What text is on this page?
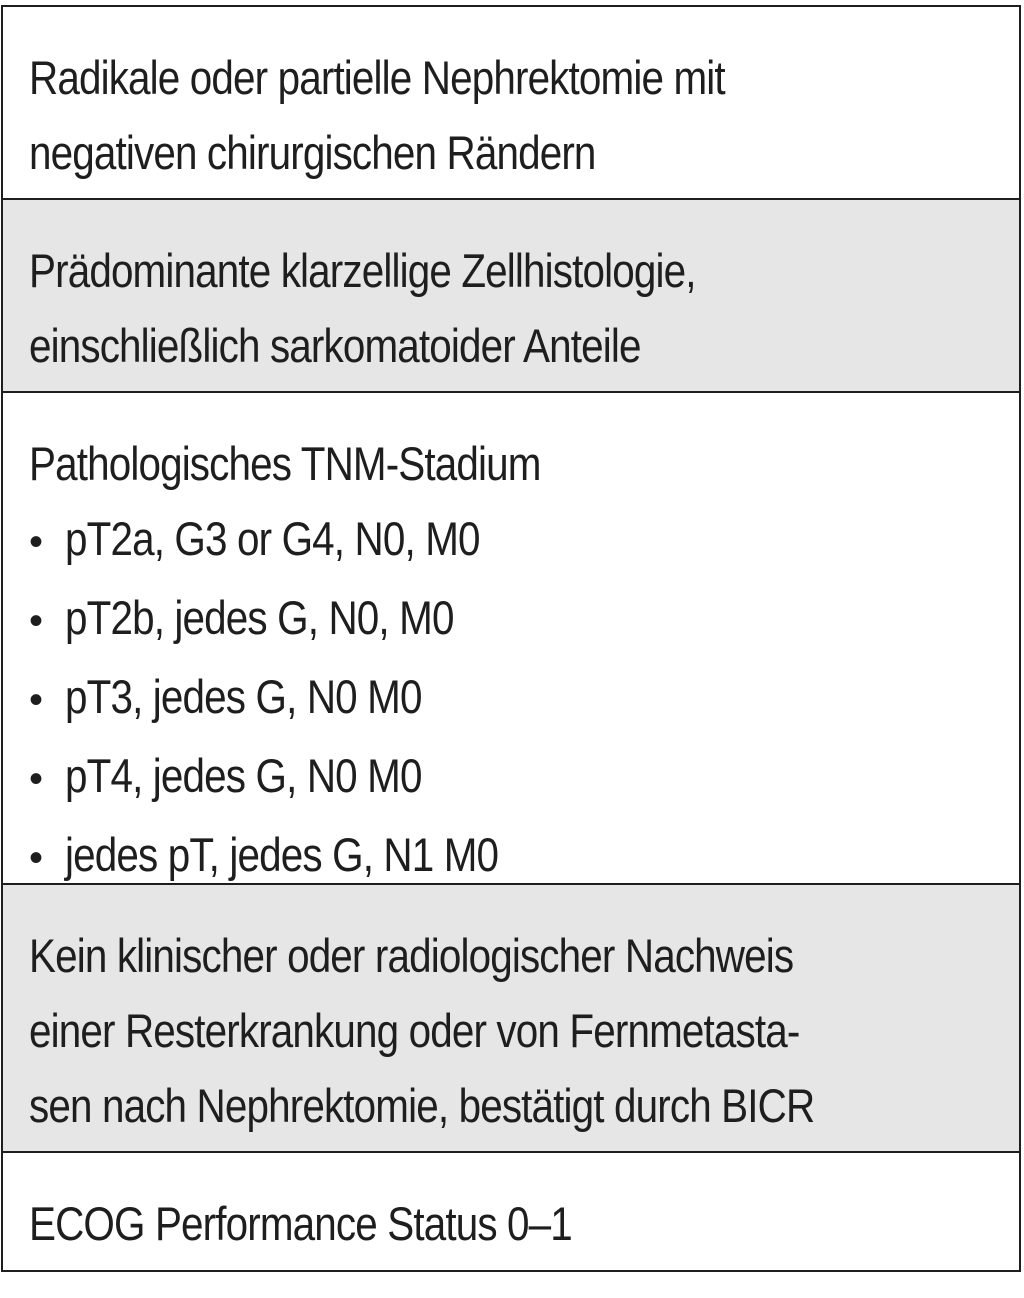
Radikale oder partielle Nephrektomie mit
negativen chirurgischen Rändern
Prädominante klarzellige Zellhistologie,
einschließlich sarkomatoider Anteile
Pathologisches TNM-Stadium
• pT2a, G3 or G4, N0, M0
• pT2b, jedes G, N0, M0
• pT3, jedes G, N0 M0
• pT4, jedes G, N0 M0
• jedes pT, jedes G, N1 M0
Kein klinischer oder radiologischer Nachweis
einer Resterkrankung oder von Fernmetasta-
sen nach Nephrektomie, bestätigt durch BICR
ECOG Performance Status 0–1
